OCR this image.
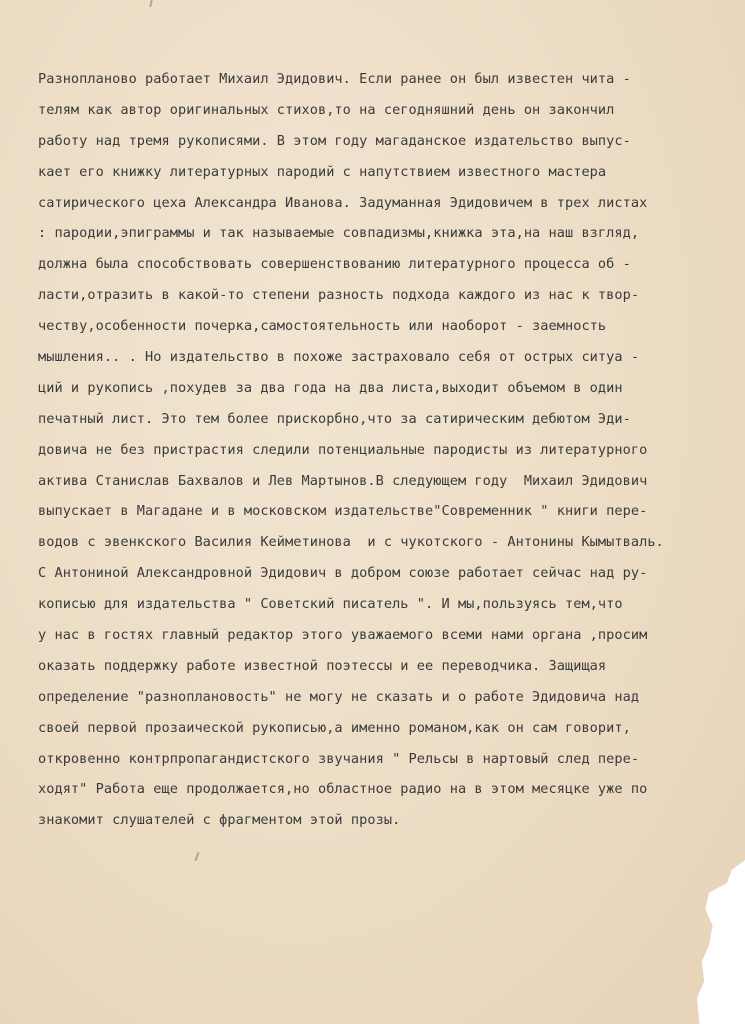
Разнопланово работает Михаил Эдидович. Если ранее он был известен чита -
телям как автор оригинальных стихов,то на сегодняшний день он закончил
работу над тремя рукописями. В этом году магаданское издательство выпус-
кает его книжку литературных пародий с напутствием известного мастера
сатирического цеха Александра Иванова. Задуманная Эдидовичем в трех листах
: пародии,эпиграммы и так называемые совпадизмы,книжка эта,на наш взгляд,
должна была способствовать совершенствованию литературного процесса об -
ласти,отразить в какой-то степени разность подхода каждого из нас к твор-
честву,особенности почерка,самостоятельность или наоборот - заемность
мышления.. . Но издательство в похоже застраховало себя от острых ситуа -
ций и рукопись ,похудев за два года на два листа,выходит объемом в один
печатный лист. Это тем более прискорбно,что за сатирическим дебютом Эди-
довича не без пристрастия следили потенциальные пародисты из литературного
актива Станислав Бахвалов и Лев Мартынов.В следующем году  Михаил Эдидович
выпускает в Магадане и в московском издательстве"Современник " книги пере-
водов с эвенкского Василия Кейметинова  и с чукотского - Антонины Кымытваль.
С Антониной Александровной Эдидович в добром союзе работает сейчас над ру-
кописью для издательства " Советский писатель ". И мы,пользуясь тем,что
у нас в гостях главный редактор этого уважаемого всеми нами органа ,просим
оказать поддержку работе известной поэтессы и ее переводчика. Защищая
определение "разноплановость" не могу не сказать и о работе Эдидовича над
своей первой прозаической рукописью,а именно романом,как он сам говорит,
откровенно контрпропагандистского звучания " Рельсы в нартовый след пере-
ходят" Работа еще продолжается,но областное радио на в этом месяцке уже по
знакомит слушателей с фрагментом этой прозы.
